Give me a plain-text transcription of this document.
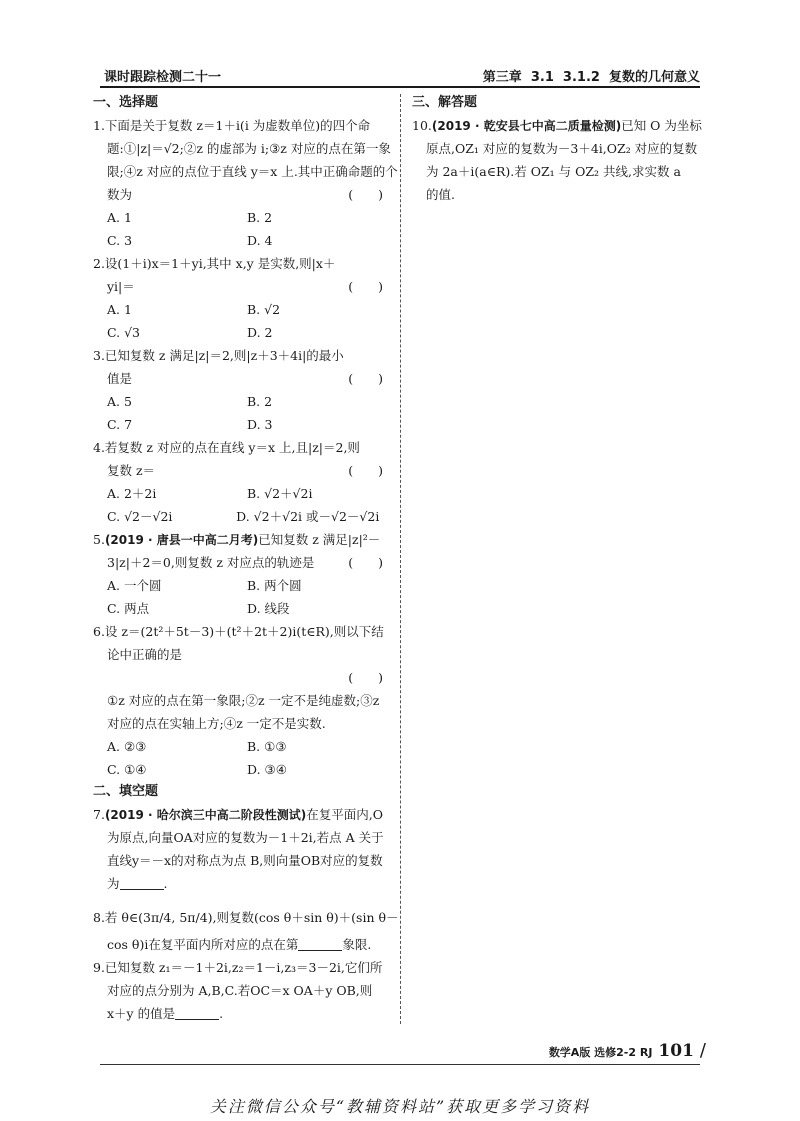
课时跟踪检测二十一	第三章  3.1  3.1.2  复数的几何意义
一、选择题
1.下面是关于复数 z＝1＋i(i 为虚数单位)的四个命
题:①|z|＝√2;②z 的虚部为 i;③z 对应的点在第一象
限;④z 对应的点位于直线 y＝x 上.其中正确命题的个
数为	(　　)
A. 1	B. 2
C. 3	D. 4
2.设(1＋i)x＝1＋yi,其中 x,y 是实数,则|x＋
yi|＝	(　　)
A. 1	B. √2
C. √3	D. 2
3.已知复数 z 满足|z|＝2,则|z＋3＋4i|的最小
值是	(　　)
A. 5	B. 2
C. 7	D. 3
4.若复数 z 对应的点在直线 y＝x 上,且|z|＝2,则
复数 z＝	(　　)
A. 2＋2i	B. √2＋√2i
C. √2－√2i	D. √2＋√2i 或－√2－√2i
5.(2019 · 唐县一中高二月考)已知复数 z 满足|z|²－
3|z|＋2＝0,则复数 z 对应点的轨迹是	(　　)
A. 一个圆	B. 两个圆
C. 两点	D. 线段
6.设 z＝(2t²＋5t－3)＋(t²＋2t＋2)i(t∈R),则以下结
论中正确的是
(　　)
①z 对应的点在第一象限;②z 一定不是纯虚数;③z
对应的点在实轴上方;④z 一定不是实数.
A. ②③	B. ①③
C. ①④	D. ③④
二、填空题
7.(2019 · 哈尔滨三中高二阶段性测试)在复平面内,O
为原点,向量OA对应的复数为－1＋2i,若点 A 关于
直线y＝－x的对称点为点 B,则向量OB对应的复数
为	.
8.若 θ∈(3π/4, 5π/4),则复数(cos θ＋sin θ)＋(sin θ－
cos θ)i在复平面内所对应的点在第	象限.
9.已知复数 z₁＝－1＋2i,z₂＝1－i,z₃＝3－2i,它们所
对应的点分别为 A,B,C.若OC＝x OA＋y OB,则
x＋y 的值是	.
三、解答题
10.(2019 · 乾安县七中高二质量检测)已知 O 为坐标
原点,OZ₁ 对应的复数为－3＋4i,OZ₂ 对应的复数
为 2a＋i(a∈R).若 OZ₁ 与 OZ₂ 共线,求实数 a
的值.
数学A版 选修2-2 RJ 101 /
关注微信公众号“教辅资料站”获取更多学习资料
